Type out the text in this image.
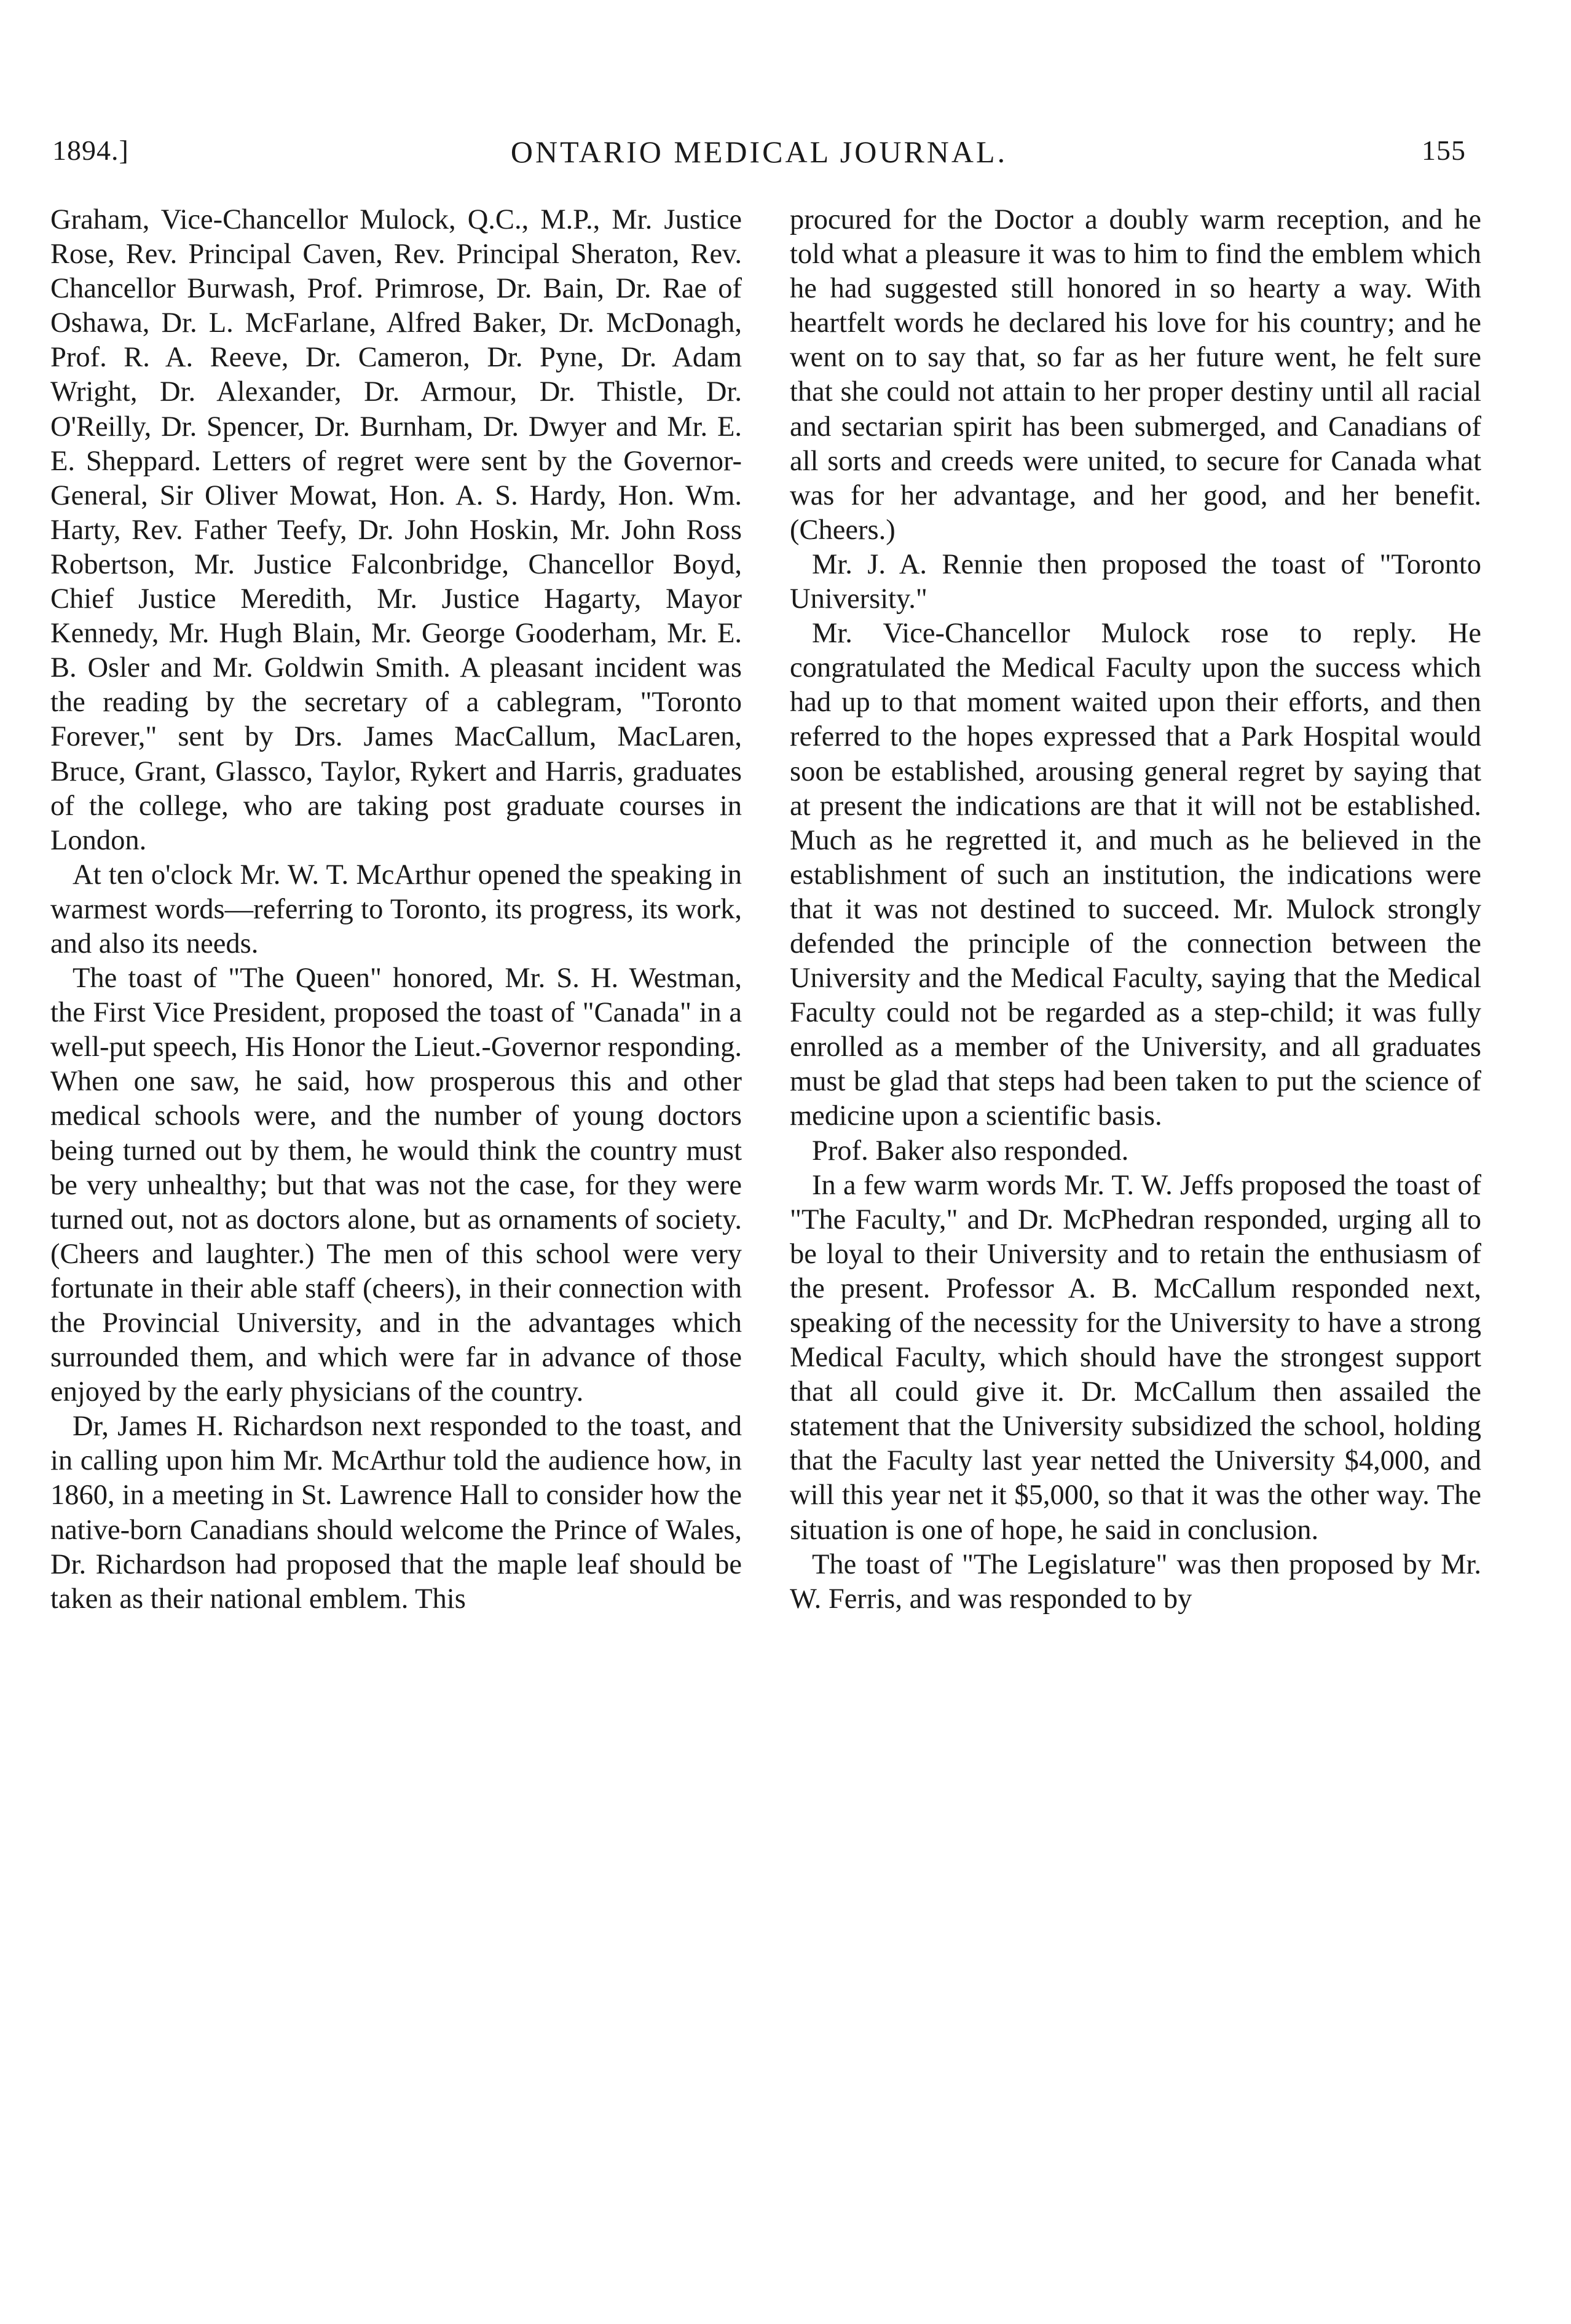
1894.]	ONTARIO MEDICAL JOURNAL.	155

Graham, Vice-Chancellor Mulock, Q.C., M.P., Mr. Justice Rose, Rev. Principal Caven, Rev. Principal Sheraton, Rev. Chancellor Burwash, Prof. Primrose, Dr. Bain, Dr. Rae of Oshawa, Dr. L. McFarlane, Alfred Baker, Dr. McDonagh, Prof. R. A. Reeve, Dr. Cameron, Dr. Pyne, Dr. Adam Wright, Dr. Alexander, Dr. Armour, Dr. Thistle, Dr. O'Reilly, Dr. Spencer, Dr. Burnham, Dr. Dwyer and Mr. E. E. Sheppard. Letters of regret were sent by the Governor-General, Sir Oliver Mowat, Hon. A. S. Hardy, Hon. Wm. Harty, Rev. Father Teefy, Dr. John Hoskin, Mr. John Ross Robertson, Mr. Justice Falconbridge, Chancellor Boyd, Chief Justice Meredith, Mr. Justice Hagarty, Mayor Kennedy, Mr. Hugh Blain, Mr. George Gooderham, Mr. E. B. Osler and Mr. Goldwin Smith. A pleasant incident was the reading by the secretary of a cablegram, "Toronto Forever," sent by Drs. James MacCallum, MacLaren, Bruce, Grant, Glassco, Taylor, Rykert and Harris, graduates of the college, who are taking post graduate courses in London.

At ten o'clock Mr. W. T. McArthur opened the speaking in warmest words—referring to Toronto, its progress, its work, and also its needs.

The toast of "The Queen" honored, Mr. S. H. Westman, the First Vice President, proposed the toast of "Canada" in a well-put speech, His Honor the Lieut.-Governor responding. When one saw, he said, how prosperous this and other medical schools were, and the number of young doctors being turned out by them, he would think the country must be very unhealthy; but that was not the case, for they were turned out, not as doctors alone, but as ornaments of society. (Cheers and laughter.) The men of this school were very fortunate in their able staff (cheers), in their connection with the Provincial University, and in the advantages which surrounded them, and which were far in advance of those enjoyed by the early physicians of the country.

Dr, James H. Richardson next responded to the toast, and in calling upon him Mr. McArthur told the audience how, in 1860, in a meeting in St. Lawrence Hall to consider how the native-born Canadians should welcome the Prince of Wales, Dr. Richardson had proposed that the maple leaf should be taken as their national emblem. This

procured for the Doctor a doubly warm reception, and he told what a pleasure it was to him to find the emblem which he had suggested still honored in so hearty a way. With heartfelt words he declared his love for his country; and he went on to say that, so far as her future went, he felt sure that she could not attain to her proper destiny until all racial and sectarian spirit has been submerged, and Canadians of all sorts and creeds were united, to secure for Canada what was for her advantage, and her good, and her benefit. (Cheers.)

Mr. J. A. Rennie then proposed the toast of "Toronto University."

Mr. Vice-Chancellor Mulock rose to reply. He congratulated the Medical Faculty upon the success which had up to that moment waited upon their efforts, and then referred to the hopes expressed that a Park Hospital would soon be established, arousing general regret by saying that at present the indications are that it will not be established. Much as he regretted it, and much as he believed in the establishment of such an institution, the indications were that it was not destined to succeed. Mr. Mulock strongly defended the principle of the connection between the University and the Medical Faculty, saying that the Medical Faculty could not be regarded as a step-child; it was fully enrolled as a member of the University, and all graduates must be glad that steps had been taken to put the science of medicine upon a scientific basis.

Prof. Baker also responded.

In a few warm words Mr. T. W. Jeffs proposed the toast of "The Faculty," and Dr. McPhedran responded, urging all to be loyal to their University and to retain the enthusiasm of the present. Professor A. B. McCallum responded next, speaking of the necessity for the University to have a strong Medical Faculty, which should have the strongest support that all could give it. Dr. McCallum then assailed the statement that the University subsidized the school, holding that the Faculty last year netted the University $4,000, and will this year net it $5,000, so that it was the other way. The situation is one of hope, he said in conclusion.

The toast of "The Legislature" was then proposed by Mr. W. Ferris, and was responded to by
